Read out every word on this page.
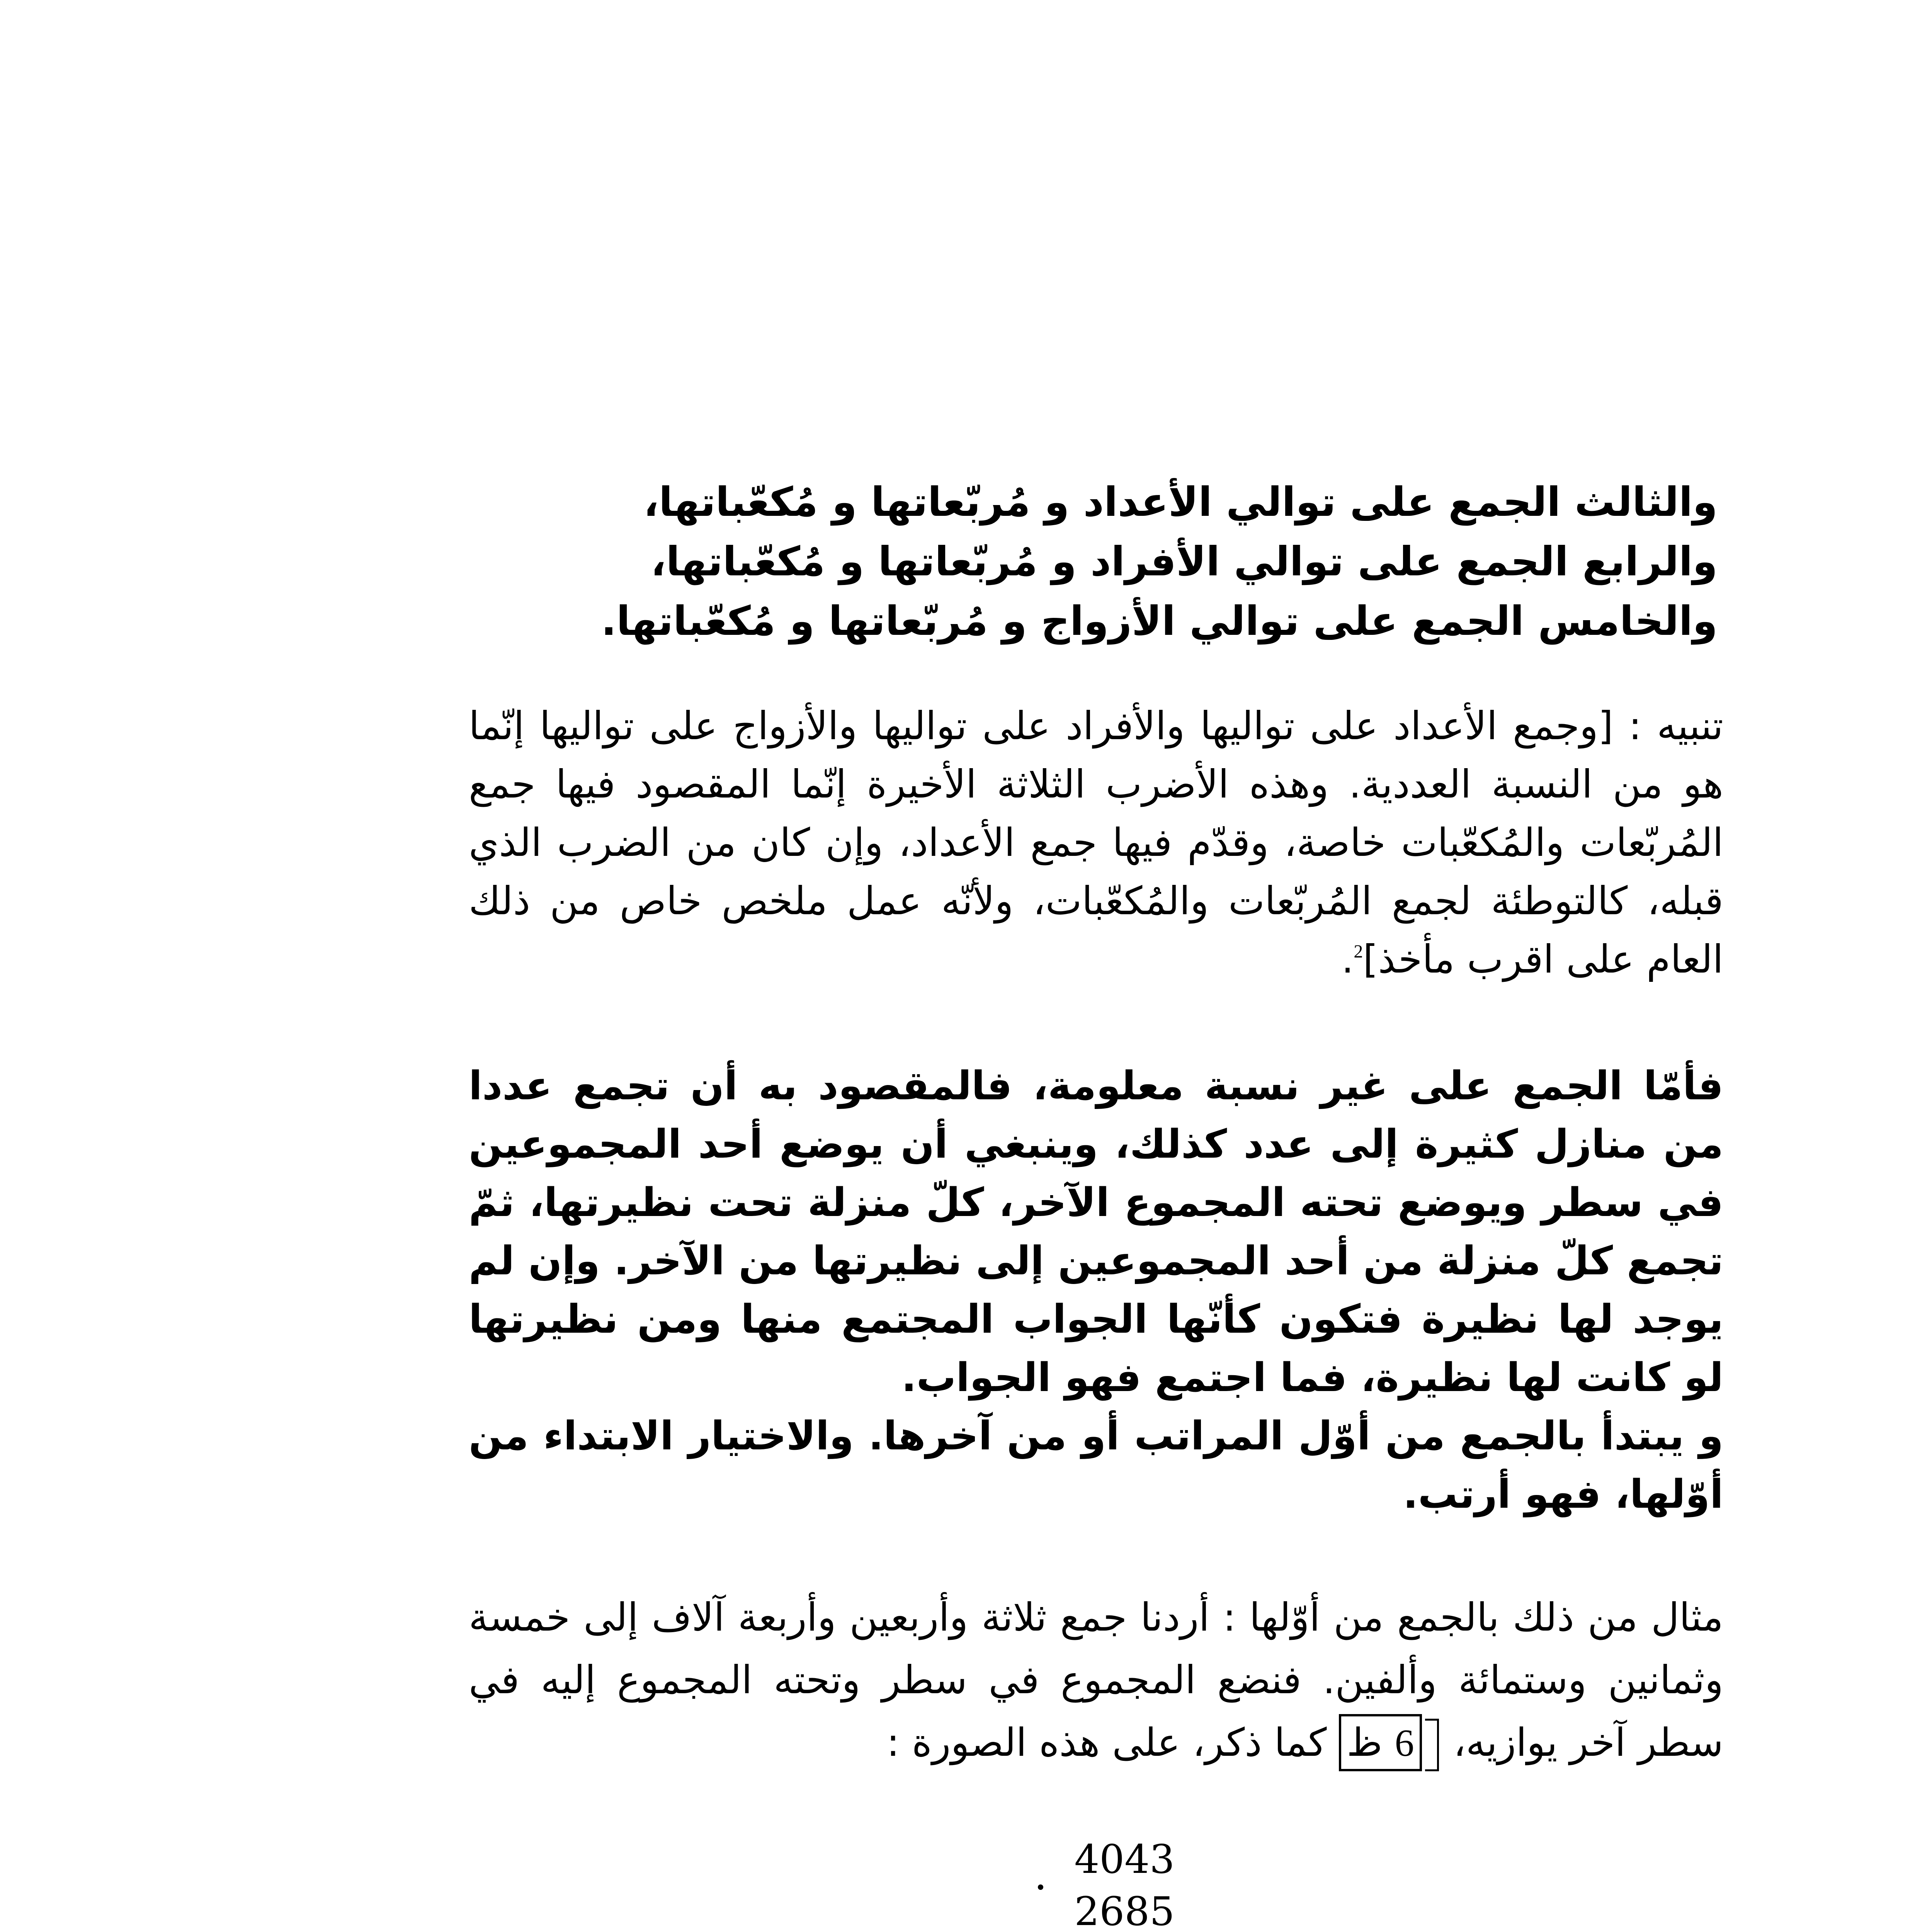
والثالث الجمع على توالي الأعداد و مُربّعاتها و مُكعّباتها،

والرابع الجمع على توالي الأفراد و مُربّعاتها و مُكعّباتها،

والخامس الجمع على توالي الأزواج و مُربّعاتها و مُكعّباتها.

تنبيه : [وجمع الأعداد على تواليها والأفراد على تواليها والأزواج على تواليها إنّما هو من النسبة العددية. وهذه الأضرب الثلاثة الأخيرة إنّما المقصود فيها جمع المُربّعات والمُكعّبات خاصة، وقدّم فيها جمع الأعداد، وإن كان من الضرب الذي قبله، كالتوطئة لجمع المُربّعات والمُكعّبات، ولأنّه عمل ملخص خاص من ذلك العام على اقرب مأخذ]$^2$.

فأمّا الجمع على غير نسبة معلومة، فالمقصود به أن تجمع عددا من منازل كثيرة إلى عدد كذلك، وينبغي أن يوضع أحد المجموعين في سطر ويوضع تحته المجموع الآخر، كلّ منزلة تحت نظيرتها، ثمّ تجمع كلّ منزلة من أحد المجموعين إلى نظيرتها من الآخر. وإن لم يوجد لها نظيرة فتكون كأنّها الجواب المجتمع منها ومن نظيرتها لو كانت لها نظيرة، فما اجتمع فهو الجواب.

و يبتدأ بالجمع من أوّل المراتب أو من آخرها. والاختيار الابتداء من أوّلها، فهو أرتب.

مثال من ذلك بالجمع من أوّلها : أردنا جمع ثلاثة وأربعين وأربعة آلاف إلى خمسة وثمانين وستمائة وألفين. فنضع المجموع في سطر وتحته المجموع إليه في سطر آخر يوازيه، 6 ظ كما ذكر، على هذه الصورة :

4043
2685
